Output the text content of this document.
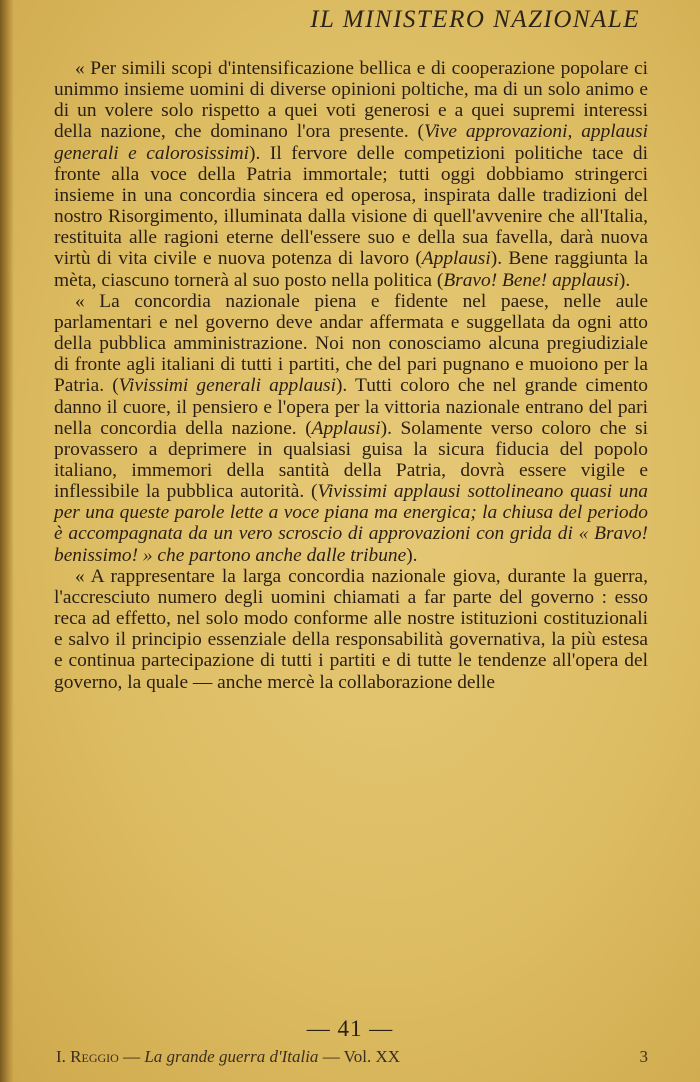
IL MINISTERO NAZIONALE

« Per simili scopi d'intensificazione bellica e di cooperazione popolare ci unimmo insieme uomini di diverse opinioni poltiche, ma di un solo animo e di un volere solo rispetto a quei voti generosi e a quei supremi interessi della nazione, che dominano l'ora presente. (Vive approvazioni, applausi generali e calorosissimi). Il fervore delle competizioni politiche tace di fronte alla voce della Patria immortale; tutti oggi dobbiamo stringerci insieme in una concordia sincera ed operosa, inspirata dalle tradizioni del nostro Risorgimento, illuminata dalla visione di quell'avvenire che all'Italia, restituita alle ragioni eterne dell'essere suo e della sua favella, darà nuova virtù di vita civile e nuova potenza di lavoro (Applausi). Bene raggiunta la mèta, ciascuno tornerà al suo posto nella politica (Bravo! Bene! applausi).

« La concordia nazionale piena e fidente nel paese, nelle aule parlamentari e nel governo deve andar affermata e suggellata da ogni atto della pubblica amministrazione. Noi non conosciamo alcuna pregiudiziale di fronte agli italiani di tutti i partiti, che del pari pugnano e muoiono per la Patria. (Vivissimi generali applausi). Tutti coloro che nel grande cimento danno il cuore, il pensiero e l'opera per la vittoria nazionale entrano del pari nella concordia della nazione. (Applausi). Solamente verso coloro che si provassero a deprimere in qualsiasi guisa la sicura fiducia del popolo italiano, immemori della santità della Patria, dovrà essere vigile e inflessibile la pubblica autorità. (Vivissimi applausi sottolineano quasi una per una queste parole lette a voce piana ma energica; la chiusa del periodo è accompagnata da un vero scroscio di approvazioni con grida di « Bravo! benissimo! » che partono anche dalle tribune).

« A rappresentare la larga concordia nazionale giova, durante la guerra, l'accresciuto numero degli uomini chiamati a far parte del governo : esso reca ad effetto, nel solo modo conforme alle nostre istituzioni costituzionali e salvo il principio essenziale della responsabilità governativa, la più estesa e continua partecipazione di tutti i partiti e di tutte le tendenze all'opera del governo, la quale — anche mercè la collaborazione delle

— 41 —
I. Reggio — La grande guerra d'Italia — Vol. XX	3
